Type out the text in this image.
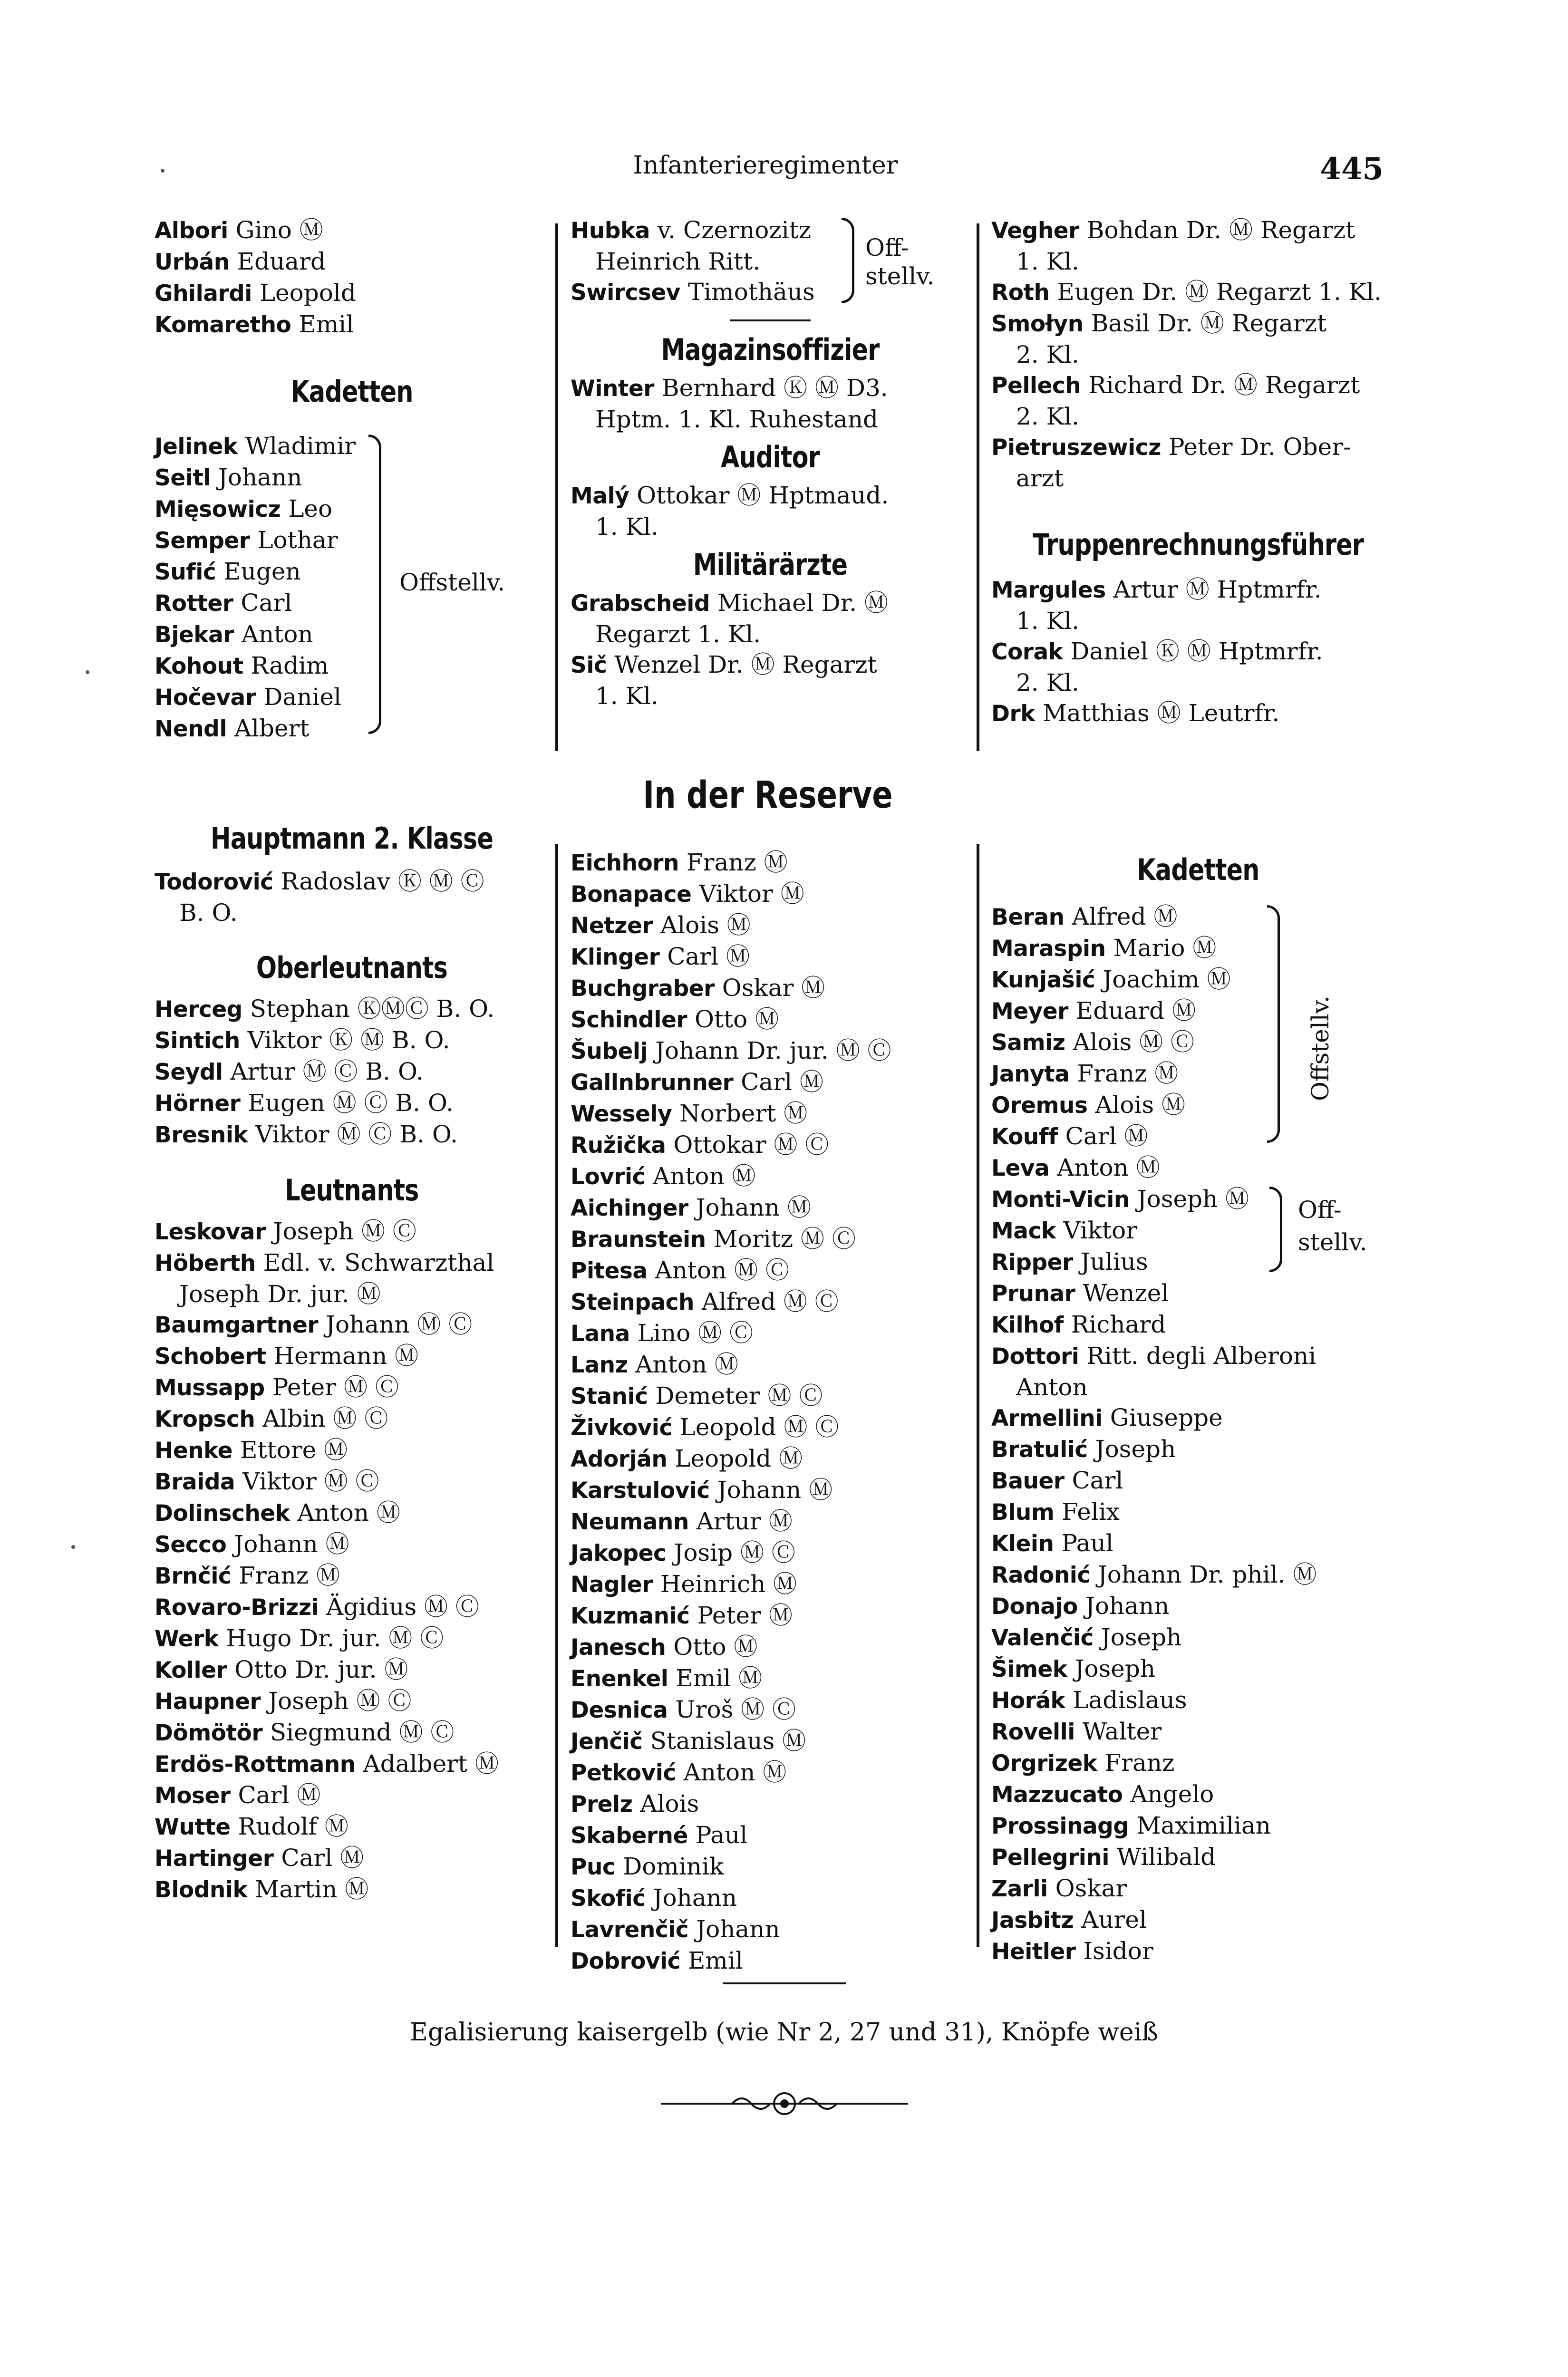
Infanterieregimenter	445
Albori Gino Ⓜ
Urbán Eduard
Ghilardi Leopold
Komaretho Emil
Kadetten
Jelinek Wladimir
Seitl Johann
Mięsowicz Leo
Semper Lothar
Sufić Eugen
Rotter Carl
Bjekar Anton
Kohout Radim
Hočevar Daniel
Nendl Albert
Offstellv.
Hauptmann 2. Klasse
Todorović Radoslav Ⓚ Ⓜ Ⓒ
B. O.
Oberleutnants
Herceg Stephan ⓀⓂⒸ B. O.
Sintich Viktor Ⓚ Ⓜ B. O.
Seydl Artur Ⓜ Ⓒ B. O.
Hörner Eugen Ⓜ Ⓒ B. O.
Bresnik Viktor Ⓜ Ⓒ B. O.
Leutnants
Leskovar Joseph Ⓜ Ⓒ
Höberth Edl. v. Schwarzthal
Joseph Dr. jur. Ⓜ
Baumgartner Johann Ⓜ Ⓒ
Schobert Hermann Ⓜ
Mussapp Peter Ⓜ Ⓒ
Kropsch Albin Ⓜ Ⓒ
Henke Ettore Ⓜ
Braida Viktor Ⓜ Ⓒ
Dolinschek Anton Ⓜ
Secco Johann Ⓜ
Brnčić Franz Ⓜ
Rovaro-Brizzi Ägidius Ⓜ Ⓒ
Werk Hugo Dr. jur. Ⓜ Ⓒ
Koller Otto Dr. jur. Ⓜ
Haupner Joseph Ⓜ Ⓒ
Dömötör Siegmund Ⓜ Ⓒ
Erdös-Rottmann Adalbert Ⓜ
Moser Carl Ⓜ
Wutte Rudolf Ⓜ
Hartinger Carl Ⓜ
Blodnik Martin Ⓜ
Hubka v. Czernozitz
Heinrich Ritt.
Swircsev Timothäus
Off-
stellv.
Magazinsoffizier
Winter Bernhard Ⓚ Ⓜ D3.
Hptm. 1. Kl. Ruhestand
Auditor
Malý Ottokar Ⓜ Hptmaud.
1. Kl.
Militärärzte
Grabscheid Michael Dr. Ⓜ
Regarzt 1. Kl.
Sič Wenzel Dr. Ⓜ Regarzt
1. Kl.
In der Reserve
Eichhorn Franz Ⓜ
Bonapace Viktor Ⓜ
Netzer Alois Ⓜ
Klinger Carl Ⓜ
Buchgraber Oskar Ⓜ
Schindler Otto Ⓜ
Šubelj Johann Dr. jur. Ⓜ Ⓒ
Gallnbrunner Carl Ⓜ
Wessely Norbert Ⓜ
Ružička Ottokar Ⓜ Ⓒ
Lovrić Anton Ⓜ
Aichinger Johann Ⓜ
Braunstein Moritz Ⓜ Ⓒ
Pitesa Anton Ⓜ Ⓒ
Steinpach Alfred Ⓜ Ⓒ
Lana Lino Ⓜ Ⓒ
Lanz Anton Ⓜ
Stanić Demeter Ⓜ Ⓒ
Živković Leopold Ⓜ Ⓒ
Adorján Leopold Ⓜ
Karstulović Johann Ⓜ
Neumann Artur Ⓜ
Jakopec Josip Ⓜ Ⓒ
Nagler Heinrich Ⓜ
Kuzmanić Peter Ⓜ
Janesch Otto Ⓜ
Enenkel Emil Ⓜ
Desnica Uroš Ⓜ Ⓒ
Jenčič Stanislaus Ⓜ
Petković Anton Ⓜ
Prelz Alois
Skaberné Paul
Puc Dominik
Skofić Johann
Lavrenčič Johann
Dobrović Emil
Vegher Bohdan Dr. Ⓜ Regarzt
1. Kl.
Roth Eugen Dr. Ⓜ Regarzt 1. Kl.
Smołyn Basil Dr. Ⓜ Regarzt
2. Kl.
Pellech Richard Dr. Ⓜ Regarzt
2. Kl.
Pietruszewicz Peter Dr. Ober-
arzt
Truppenrechnungsführer
Margules Artur Ⓜ Hptmrfr.
1. Kl.
Corak Daniel Ⓚ Ⓜ Hptmrfr.
2. Kl.
Drk Matthias Ⓜ Leutrfr.
Kadetten
Beran Alfred Ⓜ
Maraspin Mario Ⓜ
Kunjašić Joachim Ⓜ
Meyer Eduard Ⓜ
Samiz Alois Ⓜ Ⓒ
Janyta Franz Ⓜ
Oremus Alois Ⓜ
Kouff Carl Ⓜ
Offstellv.
Leva Anton Ⓜ
Monti-Vicin Joseph Ⓜ
Mack Viktor
Ripper Julius
Off-
stellv.
Prunar Wenzel
Kilhof Richard
Dottori Ritt. degli Alberoni
Anton
Armellini Giuseppe
Bratulić Joseph
Bauer Carl
Blum Felix
Klein Paul
Radonić Johann Dr. phil. Ⓜ
Donajo Johann
Valenčić Joseph
Šimek Joseph
Horák Ladislaus
Rovelli Walter
Orgrizek Franz
Mazzucato Angelo
Prossinagg Maximilian
Pellegrini Wilibald
Zarli Oskar
Jasbitz Aurel
Heitler Isidor
Egalisierung kaisergelb (wie Nr 2, 27 und 31), Knöpfe weiß
